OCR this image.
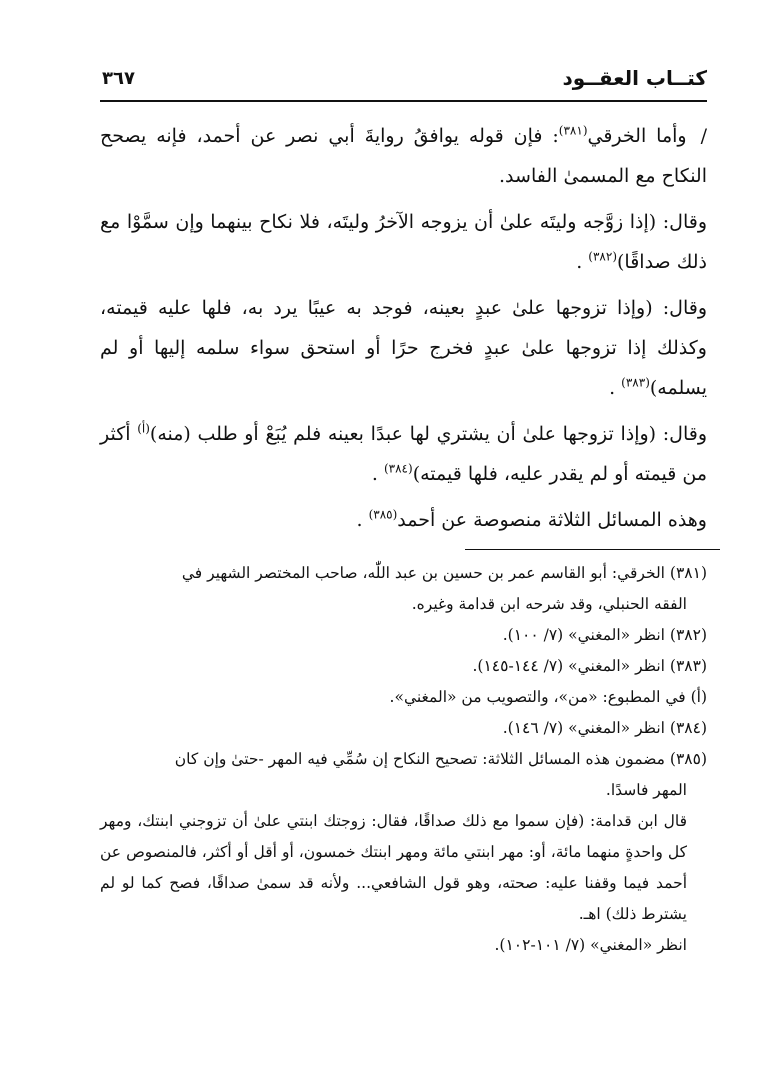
كتــاب العقــود
٣٦٧

/وأما الخرقي$^{(٣٨١)}$: فإن قوله يوافقُ روايةَ أبي نصر عن أحمد، فإنه يصحح النكاح مع المسمىٰ الفاسد.

وقال: (إذا زوَّجه وليتَه علىٰ أن يزوجه الآخرُ وليتَه، فلا نكاح بينهما وإن سمَّوْا مع ذلك صداقًا)$^{(٣٨٢)}$ .

وقال: (وإذا تزوجها علىٰ عبدٍ بعينه، فوجد به عيبًا يرد به، فلها عليه قيمته، وكذلك إذا تزوجها علىٰ عبدٍ فخرج حرًا أو استحق سواء سلمه إليها أو لم يسلمه)$^{(٣٨٣)}$ .

وقال: (وإذا تزوجها علىٰ أن يشتري لها عبدًا بعينه فلم يُبَعْ أو طلب (منه)$^{(أ)}$ أكثر من قيمته أو لم يقدر عليه، فلها قيمته)$^{(٣٨٤)}$ .

وهذه المسائل الثلاثة منصوصة عن أحمد$^{(٣٨٥)}$ .

(٣٨١) الخرقي: أبو القاسم عمر بن حسين بن عبد اللّٰه، صاحب المختصر الشهير في

الفقه الحنبلي، وقد شرحه ابن قدامة وغيره.

(٣٨٢) انظر «المغني» (٧/ ١٠٠).

(٣٨٣) انظر «المغني» (٧/ ١٤٤-١٤٥).

(أ) في المطبوع: «من»، والتصويب من «المغني».

(٣٨٤) انظر «المغني» (٧/ ١٤٦).

(٣٨٥) مضمون هذه المسائل الثلاثة: تصحيح النكاح إن سُمِّي فيه المهر -حتىٰ وإن كان

المهر فاسدًا.

قال ابن قدامة: (فإن سموا مع ذلك صداقًا، فقال: زوجتك ابنتي علىٰ أن تزوجني ابنتك، ومهر كل واحدةٍ منهما مائة، أو: مهر ابنتي مائة ومهر ابنتك خمسون، أو أقل أو أكثر، فالمنصوص عن أحمد فيما وقفنا عليه: صحته، وهو قول الشافعي... ولأنه قد سمىٰ صداقًا، فصح كما لو لم يشترط ذلك) اهـ.

انظر «المغني» (٧/ ١٠١-١٠٢).
